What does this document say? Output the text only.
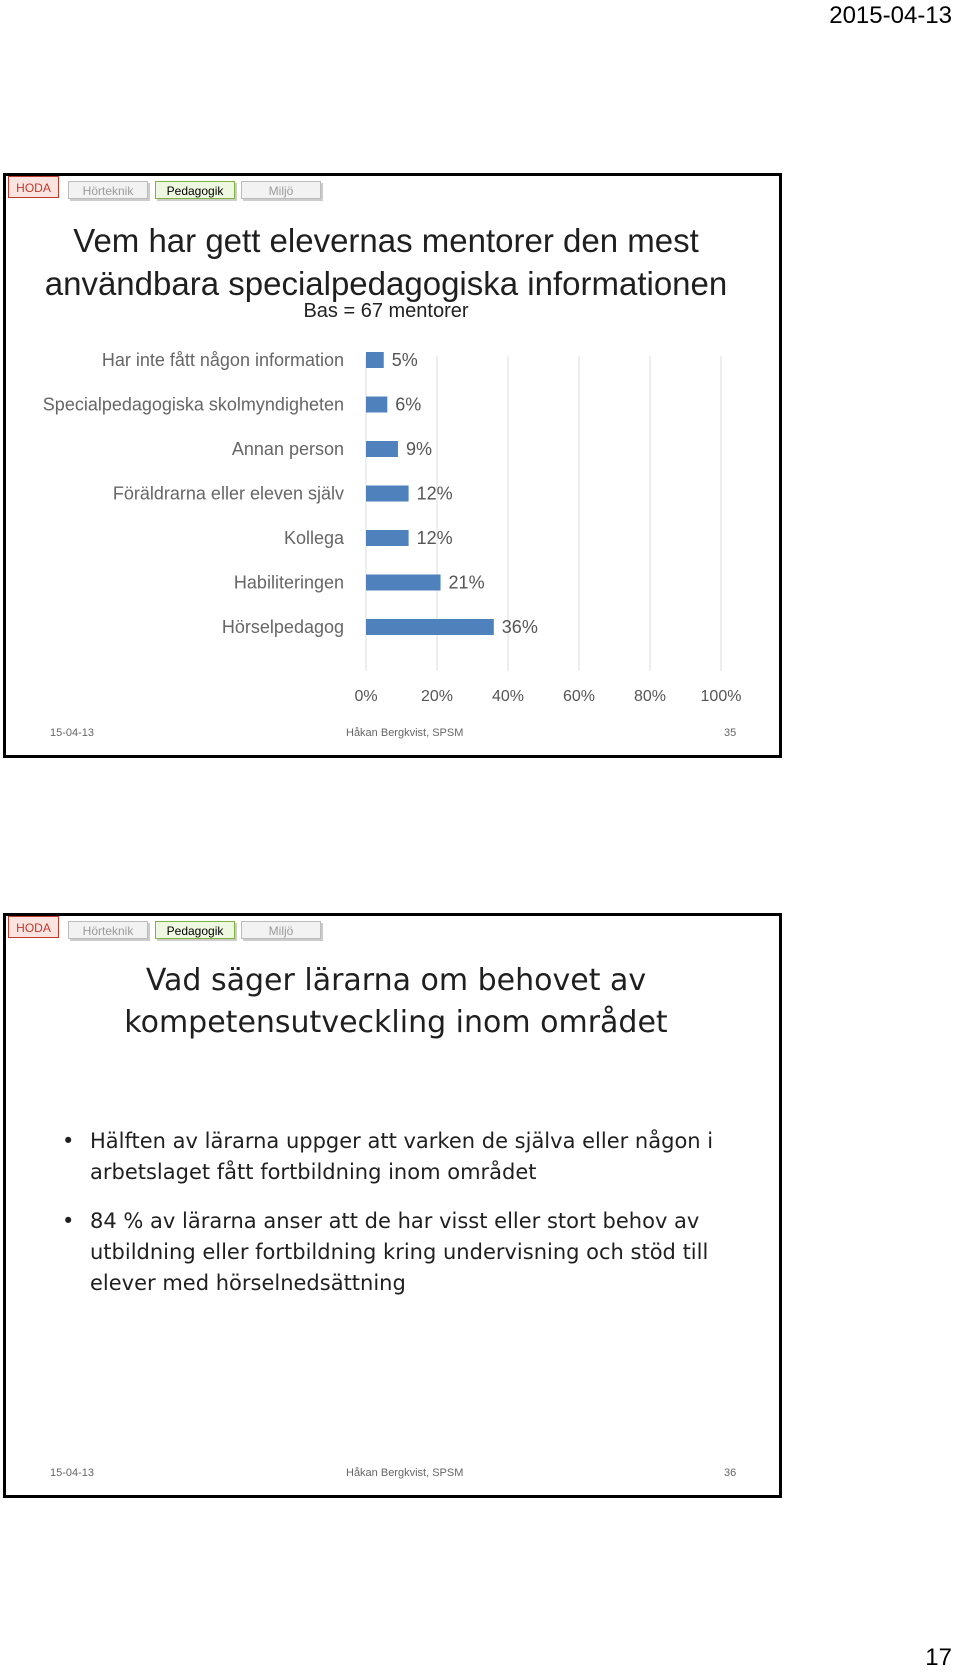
2015-04-13
HODA	Hörteknik	Pedagogik	Miljö
Vem har gett elevernas mentorer den mest
användbara specialpedagogiska informationen
Bas = 67 mentorer
0%	20% 40% 60% 80% 100%
Har inte fått någon information	5%
Specialpedagogiska skolmyndigheten	6%
Annan person	9%
Föräldrarna eller eleven själv	12%
Kollega	12%
Habiliteringen	21%
Hörselpedagog	36%
15-04-13	Håkan Bergkvist, SPSM	35
HODA	Hörteknik	Pedagogik	Miljö
Vad säger lärarna om behovet av
kompetensutveckling inom området
• Hälften av lärarna uppger att varken de själva eller någon i arbetslaget fått fortbildning inom området
• 84 % av lärarna anser att de har visst eller stort behov av utbildning eller fortbildning kring undervisning och stöd till elever med hörselnedsättning
15-04-13	Håkan Bergkvist, SPSM	36
17
